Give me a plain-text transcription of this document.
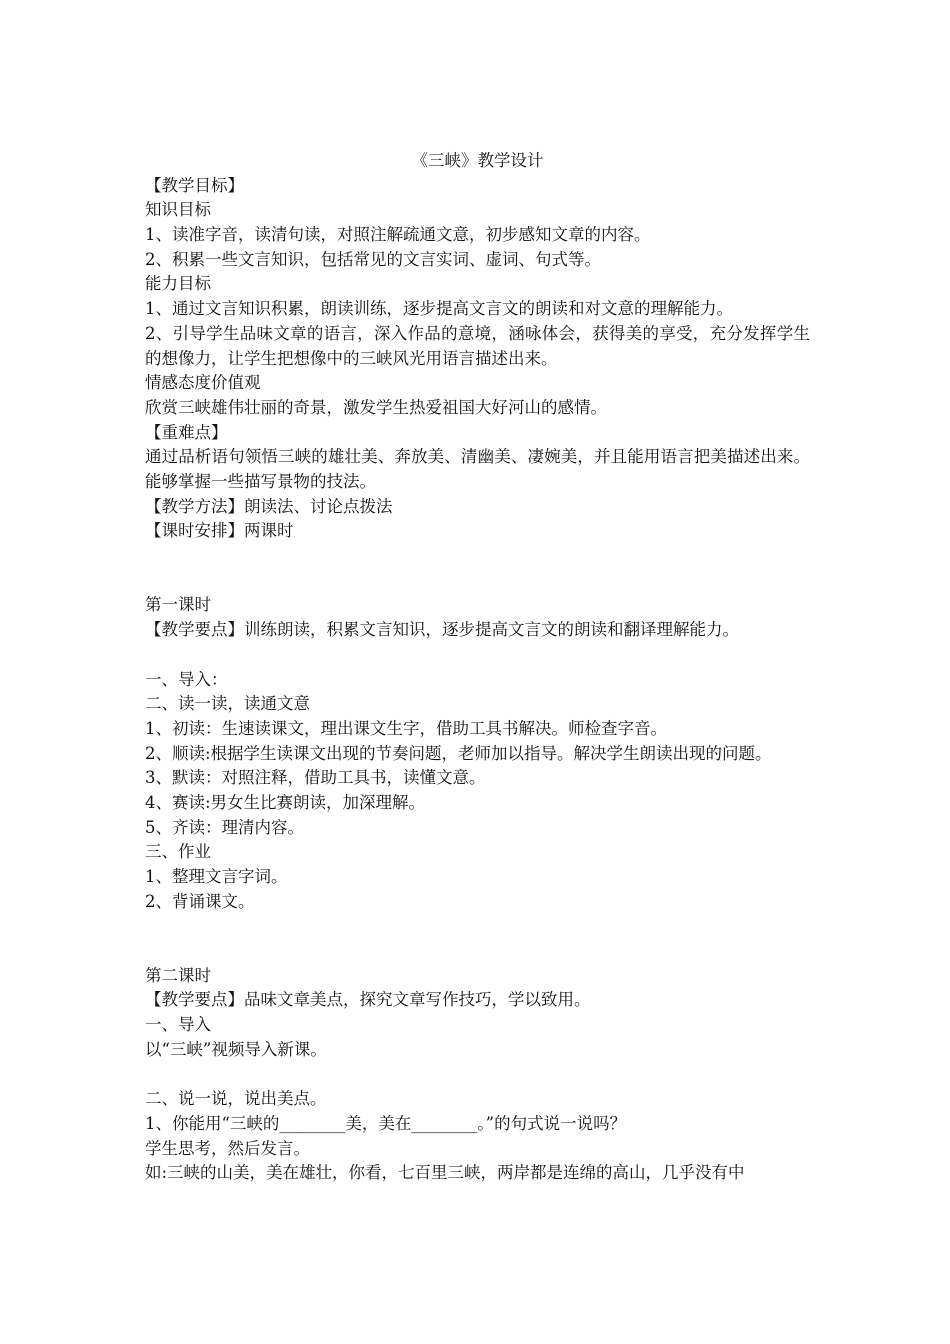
《三峡》教学设计
【教学目标】
知识目标
1、读准字音，读清句读，对照注解疏通文意，初步感知文章的内容。
2、积累一些文言知识，包括常见的文言实词、虚词、句式等。
能力目标
1、通过文言知识积累，朗读训练，逐步提高文言文的朗读和对文意的理解能力。
2、引导学生品味文章的语言，深入作品的意境，涵咏体会，获得美的享受，充分发挥学生的想像力，让学生把想像中的三峡风光用语言描述出来。
情感态度价值观
欣赏三峡雄伟壮丽的奇景，激发学生热爱祖国大好河山的感情。
【重难点】
通过品析语句领悟三峡的雄壮美、奔放美、清幽美、凄婉美，并且能用语言把美描述出来。能够掌握一些描写景物的技法。
【教学方法】朗读法、讨论点拨法
【课时安排】两课时
第一课时
【教学要点】训练朗读，积累文言知识，逐步提高文言文的朗读和翻译理解能力。
一、导入：
二、读一读，读通文意
1、初读：生速读课文，理出课文生字，借助工具书解决。师检查字音。
2、顺读:根据学生读课文出现的节奏问题，老师加以指导。解决学生朗读出现的问题。
3、默读：对照注释，借助工具书，读懂文意。
4、赛读:男女生比赛朗读，加深理解。
5、齐读：理清内容。
三、作业
1、整理文言字词。
2、背诵课文。
第二课时
【教学要点】品味文章美点，探究文章写作技巧，学以致用。
一、导入
以“三峡”视频导入新课。
二、说一说，说出美点。
1、你能用“三峡的________美，美在________。”的句式说一说吗？
学生思考，然后发言。
如:三峡的山美，美在雄壮，你看，七百里三峡，两岸都是连绵的高山，几乎没有中
